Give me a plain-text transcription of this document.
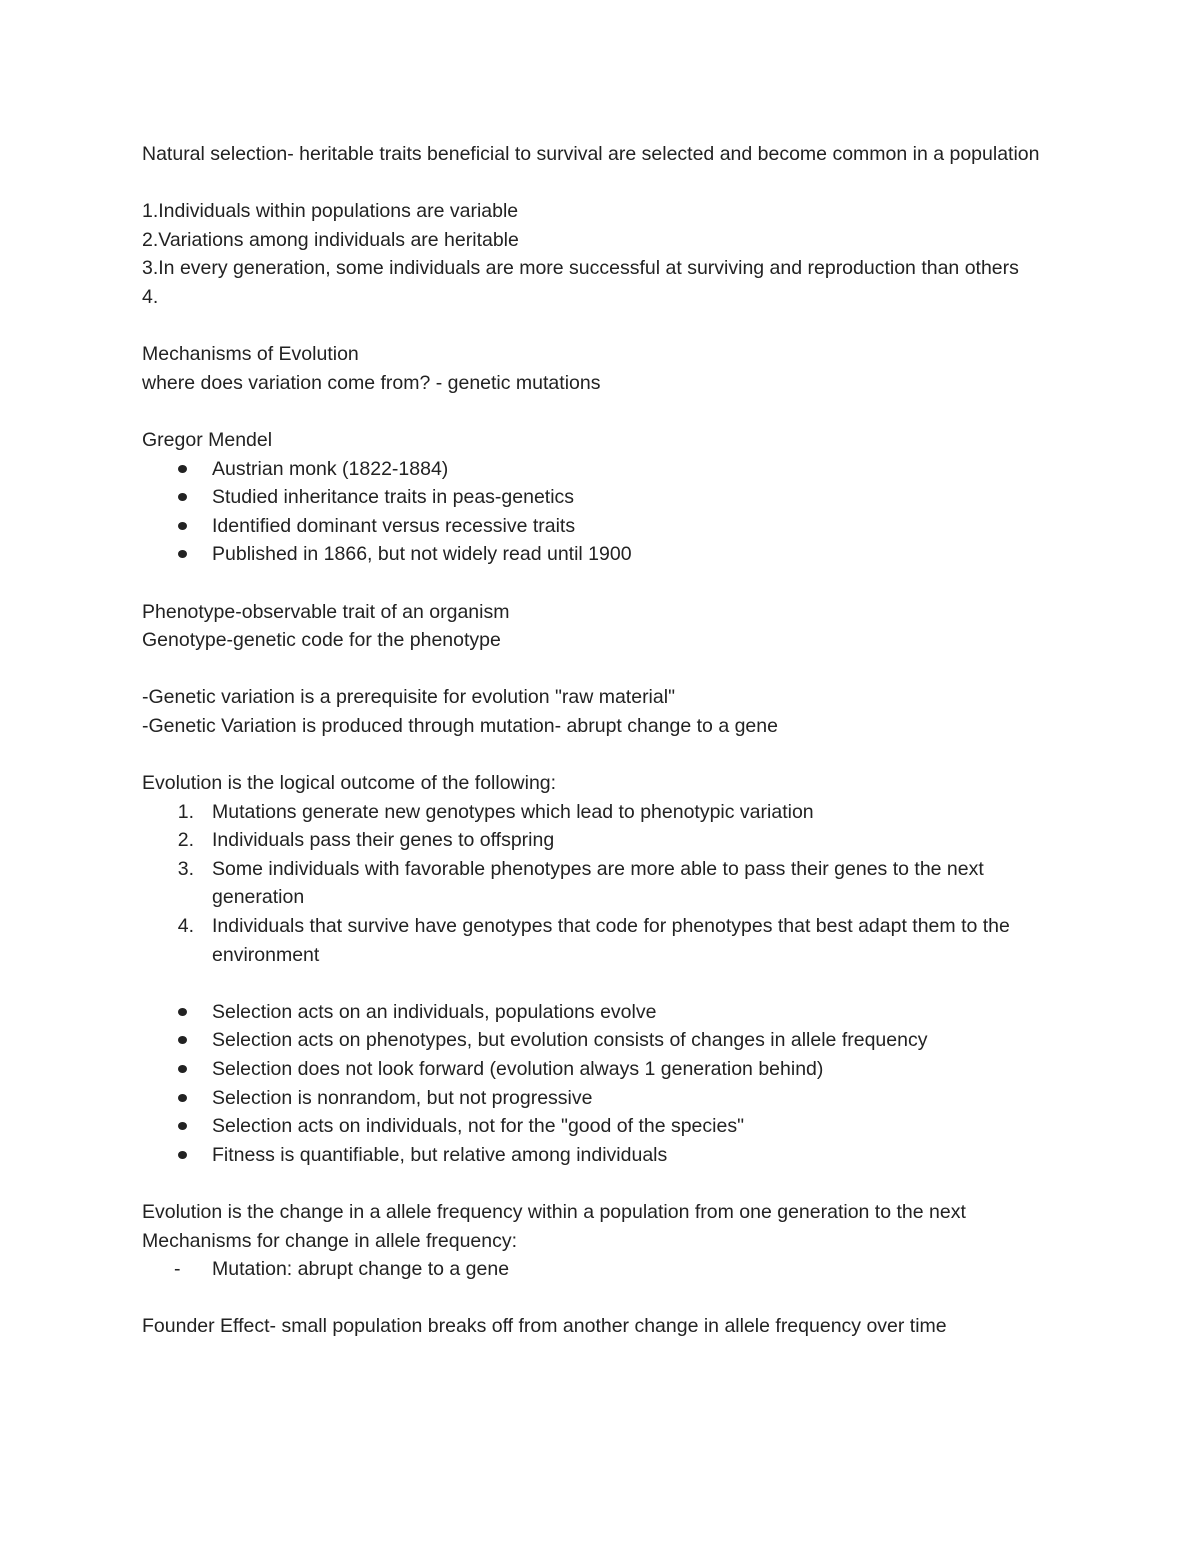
Natural selection- heritable traits beneficial to survival are selected and become common in a population

1.Individuals within populations are variable

2.Variations among individuals are heritable

3.In every generation, some individuals are more successful at surviving and reproduction than others

4.

Mechanisms of Evolution

where does variation come from? - genetic mutations

Gregor Mendel

Austrian monk (1822-1884)
Studied inheritance traits in peas-genetics
Identified dominant versus recessive traits
Published in 1866, but not widely read until 1900

Phenotype-observable trait of an organism

Genotype-genetic code for the phenotype

-Genetic variation is a prerequisite for evolution "raw material"

-Genetic Variation is produced through mutation- abrupt change to a gene

Evolution is the logical outcome of the following:

1. Mutations generate new genotypes which lead to phenotypic variation
2. Individuals pass their genes to offspring
3. Some individuals with favorable phenotypes are more able to pass their genes to the next generation
4. Individuals that survive have genotypes that code for phenotypes that best adapt them to the environment
Selection acts on an individuals, populations evolve
Selection acts on phenotypes, but evolution consists of changes in allele frequency
Selection does not look forward (evolution always 1 generation behind)
Selection is nonrandom, but not progressive
Selection acts on individuals, not for the "good of the species"
Fitness is quantifiable, but relative among individuals

Evolution is the change in a allele frequency within a population from one generation to the next

Mechanisms for change in allele frequency:

-	Mutation: abrupt change to a gene

Founder Effect- small population breaks off from another change in allele frequency over time
